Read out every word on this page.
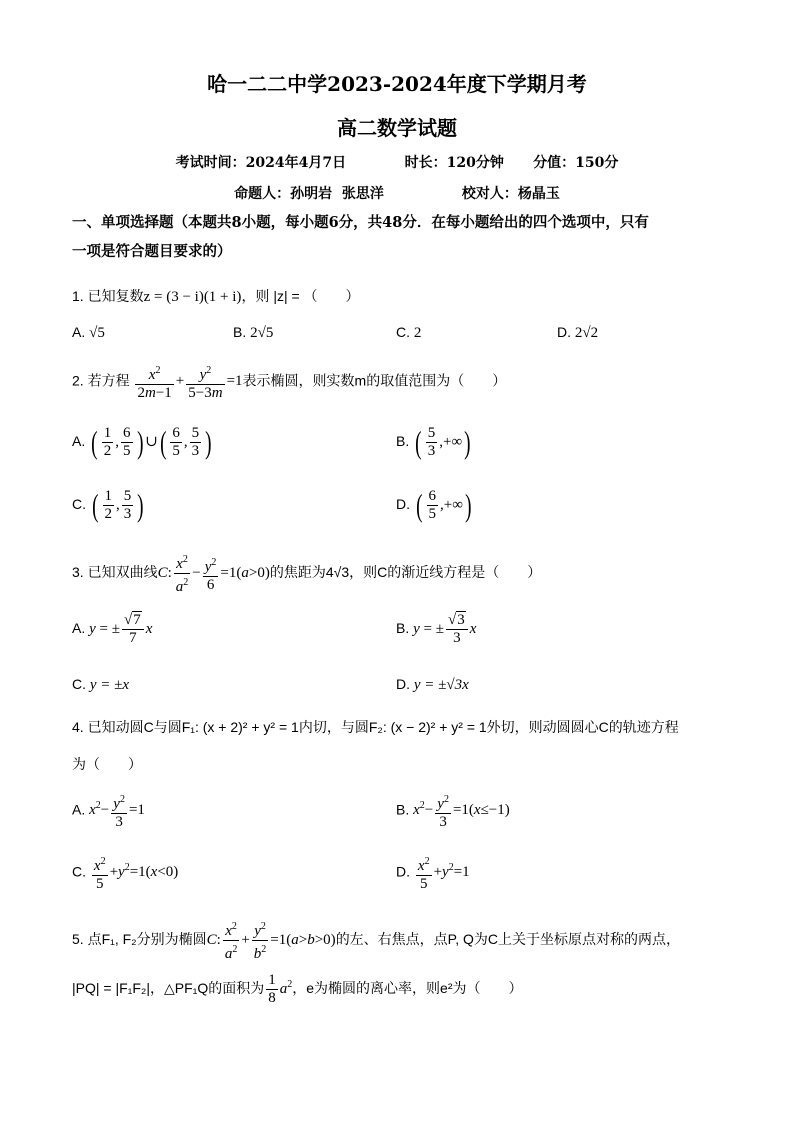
哈一二二中学2023-2024年度下学期月考
高二数学试题
考试时间：2024年4月7日	时长：120分钟 分值：150分
命题人：孙明岩  张思洋	校对人：杨晶玉
一、单项选择题（本题共8小题，每小题6分，共48分．在每小题给出的四个选项中，只有
一项是符合题目要求的）
1. 已知复数z = (3 − i)(1 + i)，则 |z| = （　　）
A. √5	B. 2√5	C. 2	D. 2√2
2. 若方程 $\frac{x^2}{2m-1} + \frac{y^2}{5-3m} =1$表示椭圆，则实数m的取值范围为（　　）
A. ( $\frac{1}{2}$ , $\frac{6}{5}$ ) ∪( $\frac{6}{5}$ , $\frac{5}{3}$ )	B. ( $\frac{5}{3}$ ,+∞)
C. ( $\frac{1}{2}$ , $\frac{5}{3}$ )	D. ( $\frac{6}{5}$ ,+∞)
3. 已知双曲线C: $\frac{x^2}{a^2} - \frac{y^2}{6} =1(a>0)$的焦距为4√3，则C的渐近线方程是（　　）
A. y = ± $\frac{√7}{7}$ x	B. y = ± $\frac{√3}{3}$ x
C. y = ±x	D. y = ±√3x
4. 已知动圆C与圆F₁: (x + 2)² + y² = 1内切，与圆F₂: (x − 2)² + y² = 1外切，则动圆圆心C的轨迹方程
为（　　）
A. $x^2- \frac{y^2}{3} =1$	B. $x^2- \frac{y^2}{3} =1(x\le-1)$
C. $\frac{x^2}{5} +y^2=1(x<0)$	D. $\frac{x^2}{5} +y^2=1$
5. 点F₁, F₂分别为椭圆C: $\frac{x^2}{a^2} + \frac{y^2}{b^2} =1(a>b>0)$的左、右焦点，点P, Q为C上关于坐标原点对称的两点，
|PQ| = |F₁F₂|，△PF₁Q的面积为 $\frac{1}{8} a^2$，e为椭圆的离心率，则e²为（　　）
